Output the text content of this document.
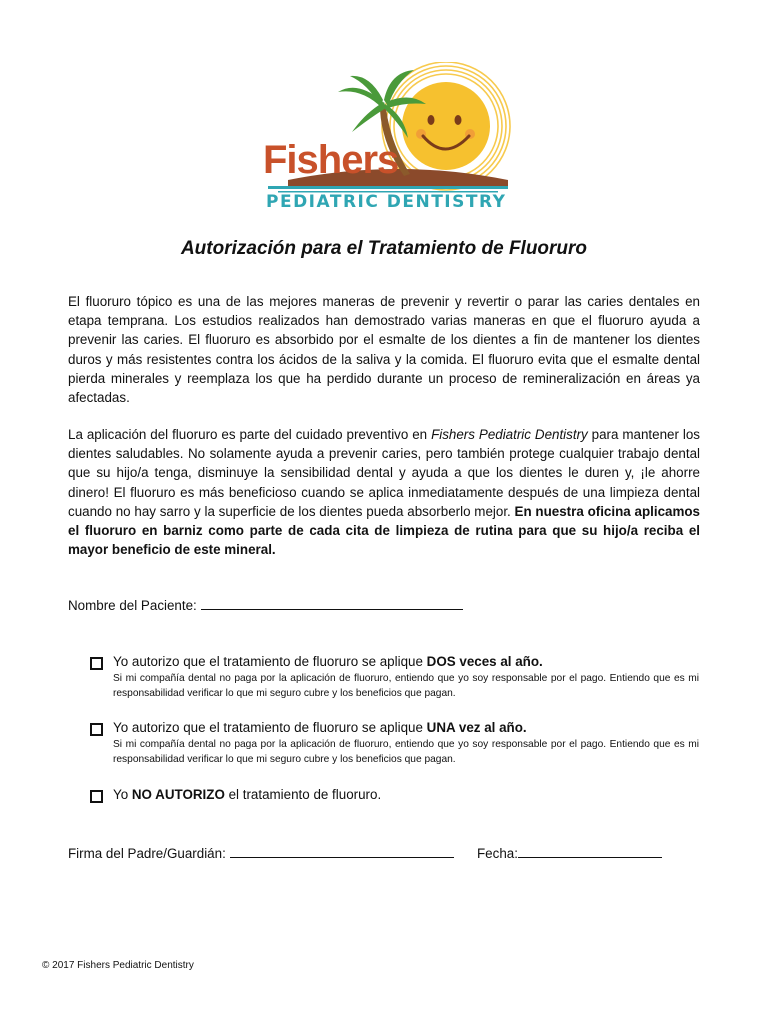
Fishers
PEDIATRIC DENTISTRY
Autorización para el Tratamiento de Fluoruro
El fluoruro tópico es una de las mejores maneras de prevenir y revertir o parar las caries dentales en etapa temprana. Los estudios realizados han demostrado varias maneras en que el fluoruro ayuda a prevenir las caries. El fluoruro es absorbido por el esmalte de los dientes a fin de mantener los dientes duros y más resistentes contra los ácidos de la saliva y la comida. El fluoruro evita que el esmalte dental pierda minerales y reemplaza los que ha perdido durante un proceso de remineralización en áreas ya afectadas.
La aplicación del fluoruro es parte del cuidado preventivo en Fishers Pediatric Dentistry para mantener los dientes saludables. No solamente ayuda a prevenir caries, pero también protege cualquier trabajo dental que su hijo/a tenga, disminuye la sensibilidad dental y ayuda a que los dientes le duren y, ¡le ahorre dinero! El fluoruro es más beneficioso cuando se aplica inmediatamente después de una limpieza dental cuando no hay sarro y la superficie de los dientes pueda absorberlo mejor. En nuestra oficina aplicamos el fluoruro en barniz como parte de cada cita de limpieza de rutina para que su hijo/a reciba el mayor beneficio de este mineral.
Nombre del Paciente:
Yo autorizo que el tratamiento de fluoruro se aplique DOS veces al año.
Si mi compañía dental no paga por la aplicación de fluoruro, entiendo que yo soy responsable por el pago. Entiendo que es mi responsabilidad verificar lo que mi seguro cubre y los beneficios que pagan.
Yo autorizo que el tratamiento de fluoruro se aplique UNA vez al año.
Si mi compañía dental no paga por la aplicación de fluoruro, entiendo que yo soy responsable por el pago. Entiendo que es mi responsabilidad verificar lo que mi seguro cubre y los beneficios que pagan.
Yo NO AUTORIZO el tratamiento de fluoruro.
Firma del Padre/Guardián:	Fecha:
© 2017 Fishers Pediatric Dentistry
